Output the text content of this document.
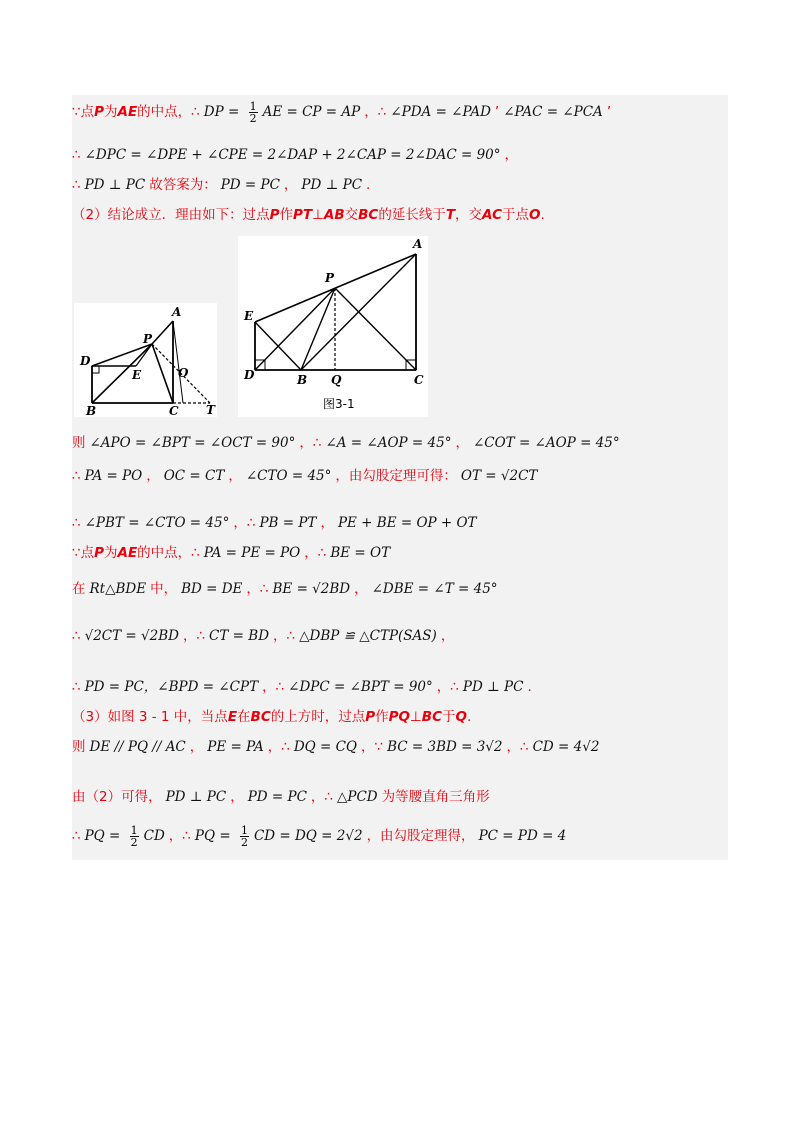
∵点P为AE的中点，∴ DP = $\frac{1}{2}$ AE = CP = AP ，∴ ∠PDA = ∠PAD ’ ∠PAC = ∠PCA ’
∴ ∠DPC = ∠DPE + ∠CPE = 2∠DAP + 2∠CAP = 2∠DAC = 90° ，
∴ PD ⊥ PC 故答案为： PD = PC ， PD ⊥ PC .
（2）结论成立．理由如下：过点P作PT⊥AB交BC的延长线于T，交AC于点O.
则 ∠APO = ∠BPT = ∠OCT = 90° ，∴ ∠A = ∠AOP = 45° ， ∠COT = ∠AOP = 45°
∴ PA = PO ， OC = CT ， ∠CTO = 45° ，由勾股定理可得： OT = √2CT
∴ ∠PBT = ∠CTO = 45° ，∴ PB = PT ， PE + BE = OP + OT
∵点P为AE的中点，∴ PA = PE = PO ，∴ BE = OT
在 Rt△BDE 中， BD = DE ，∴ BE = √2BD ， ∠DBE = ∠T = 45°
∴ √2CT = √2BD ，∴ CT = BD ，∴ △DBP ≌ △CTP(SAS) ，
∴ PD = PC，∠BPD = ∠CPT ，∴ ∠DPC = ∠BPT = 90° ，∴ PD ⊥ PC .
（3）如图 3 - 1 中，当点E在BC的上方时，过点P作PQ⊥BC于Q.
则 DE // PQ // AC ， PE = PA ，∴ DQ = CQ ，∵ BC = 3BD = 3√2 ，∴ CD = 4√2
由（2）可得， PD ⊥ PC ， PD = PC ，∴ △PCD 为等腰直角三角形
∴ PQ = $\frac{1}{2}$ CD ，∴ PQ = $\frac{1}{2}$ CD = DQ = 2√2 ，由勾股定理得， PC = PD = 4
A
P
D
E	O
B	C T
A
P
E
D	B Q	C
图3-1
